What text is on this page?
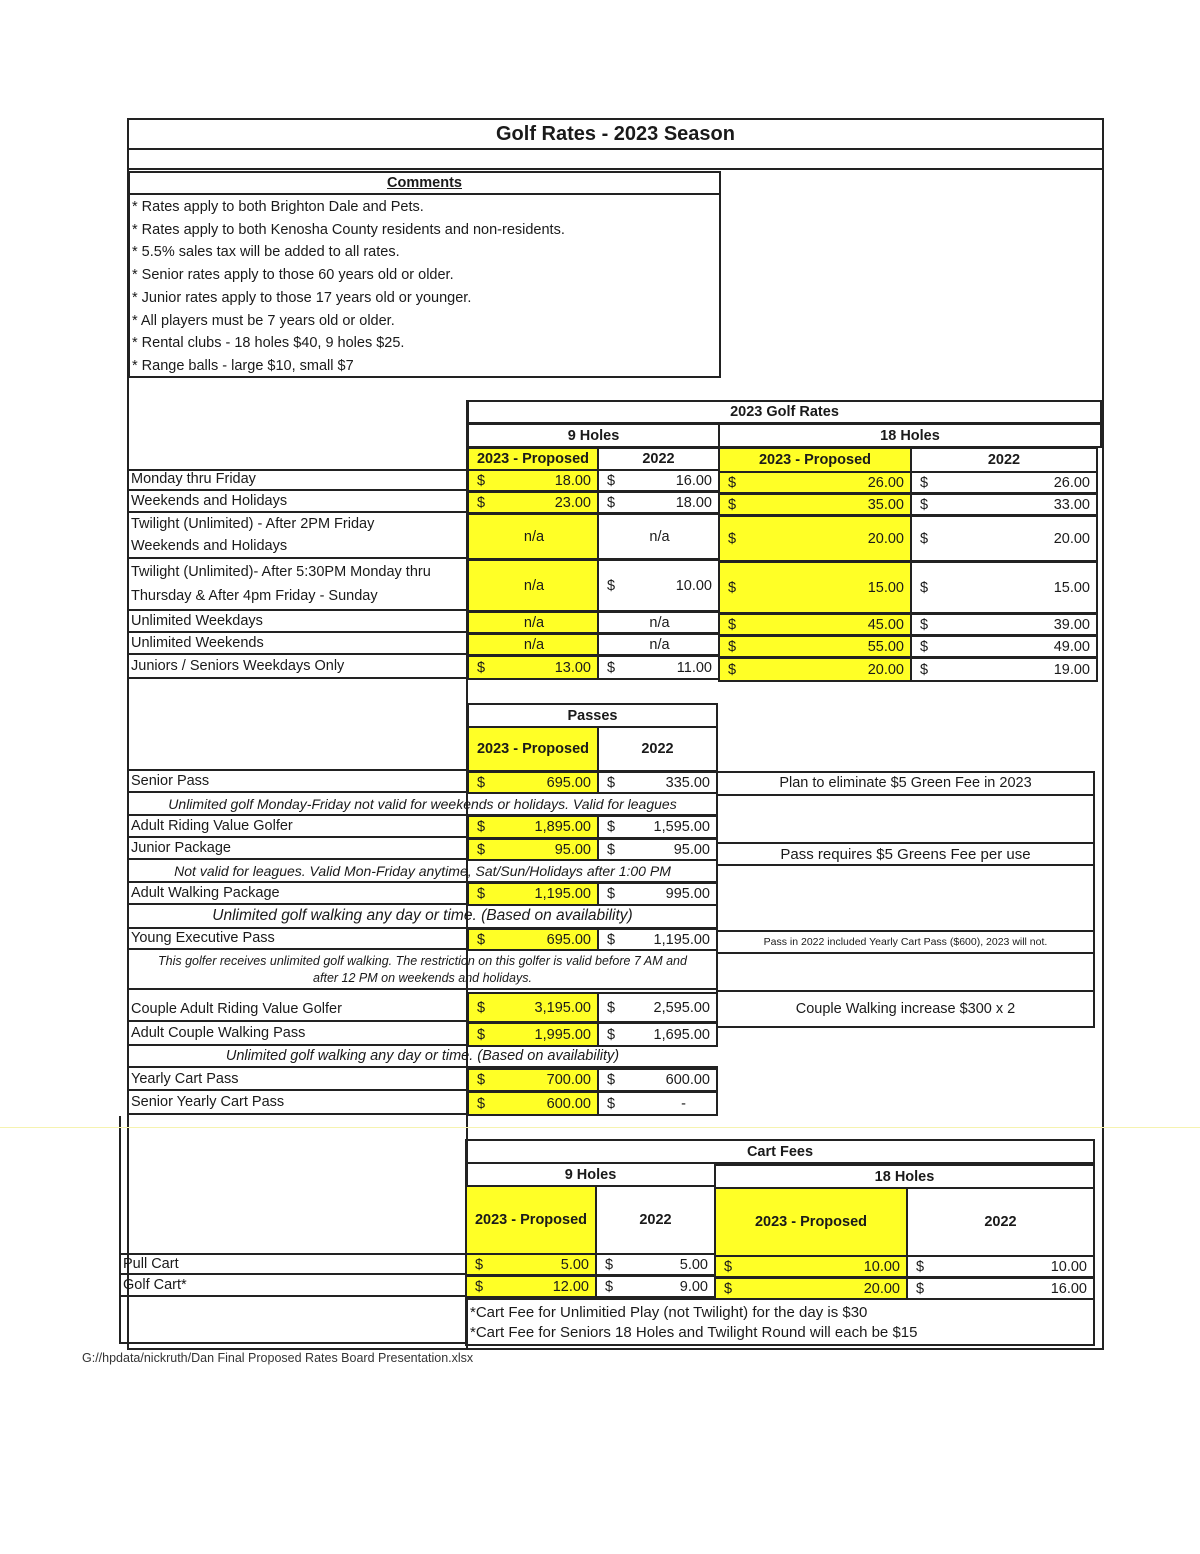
Golf Rates - 2023 Season
Comments
* Rates apply to both Brighton Dale and Pets.
* Rates apply to both Kenosha County residents and non-residents.
* 5.5% sales tax will be added to all rates.
* Senior rates apply to those 60 years old or older.
* Junior rates apply to those 17 years old or younger.
* All players must be 7 years old or older.
* Rental clubs - 18 holes $40, 9 holes $25.
* Range balls - large $10, small $7
2023 Golf Rates
9 Holes	18 Holes
2023 - Proposed	2022	2023 - Proposed	2022
Monday thru Friday	$	18.00 $	16.00 $	26.00 $	26.00
Weekends and Holidays	$	23.00 $	18.00 $	35.00 $	33.00
Twilight (Unlimited) - After 2PM Friday
Weekends and Holidays
n/a	n/a	$	20.00 $	20.00
Twilight (Unlimited)- After 5:30PM Monday thru
Thursday & After 4pm Friday - Sunday
n/a	$	10.00 $	15.00 $	15.00
Unlimited Weekdays	n/a	n/a	$	45.00 $	39.00
Unlimited Weekends	n/a	n/a	$	55.00 $	49.00
Juniors / Seniors Weekdays Only	$	13.00 $	11.00 $	20.00 $	19.00
Passes
2023 - Proposed	2022
Senior Pass	$	695.00 $	335.00	Plan to eliminate $5 Green Fee in 2023
Unlimited golf Monday-Friday not valid for weekends or holidays. Valid for leagues
Adult Riding Value Golfer	$	1,895.00 $	1,595.00
Junior Package	$	95.00 $	95.00	Pass requires $5 Greens Fee per use
Not valid for leagues. Valid Mon-Friday anytime, Sat/Sun/Holidays after 1:00 PM
Adult Walking Package	$	1,195.00 $	995.00
Unlimited golf walking any day or time. (Based on availability)
Young Executive Pass	$	695.00 $	1,195.00	Pass in 2022 included Yearly Cart Pass ($600), 2023 will not.
This golfer receives unlimited golf walking. The restriction on this golfer is valid before 7 AM and
after 12 PM on weekends and holidays.
Couple Adult Riding Value Golfer	$	3,195.00 $	2,595.00	Couple Walking increase $300 x 2
Adult Couple Walking Pass	$	1,995.00 $	1,695.00
Unlimited golf walking any day or time. (Based on availability)
Yearly Cart Pass	$	700.00 $	600.00
Senior Yearly Cart Pass	$	600.00 $	-
Cart Fees
9 Holes	18 Holes
2023 - Proposed	2022	2023 - Proposed	2022
Pull Cart	$	5.00 $	5.00 $	10.00 $	10.00
Golf Cart*	$	12.00 $	9.00 $	20.00 $	16.00
*Cart Fee for Unlimitied Play (not Twilight) for the day is $30
*Cart Fee for Seniors 18 Holes and Twilight Round will each be $15
G://hpdata/nickruth/Dan Final Proposed Rates Board Presentation.xlsx
